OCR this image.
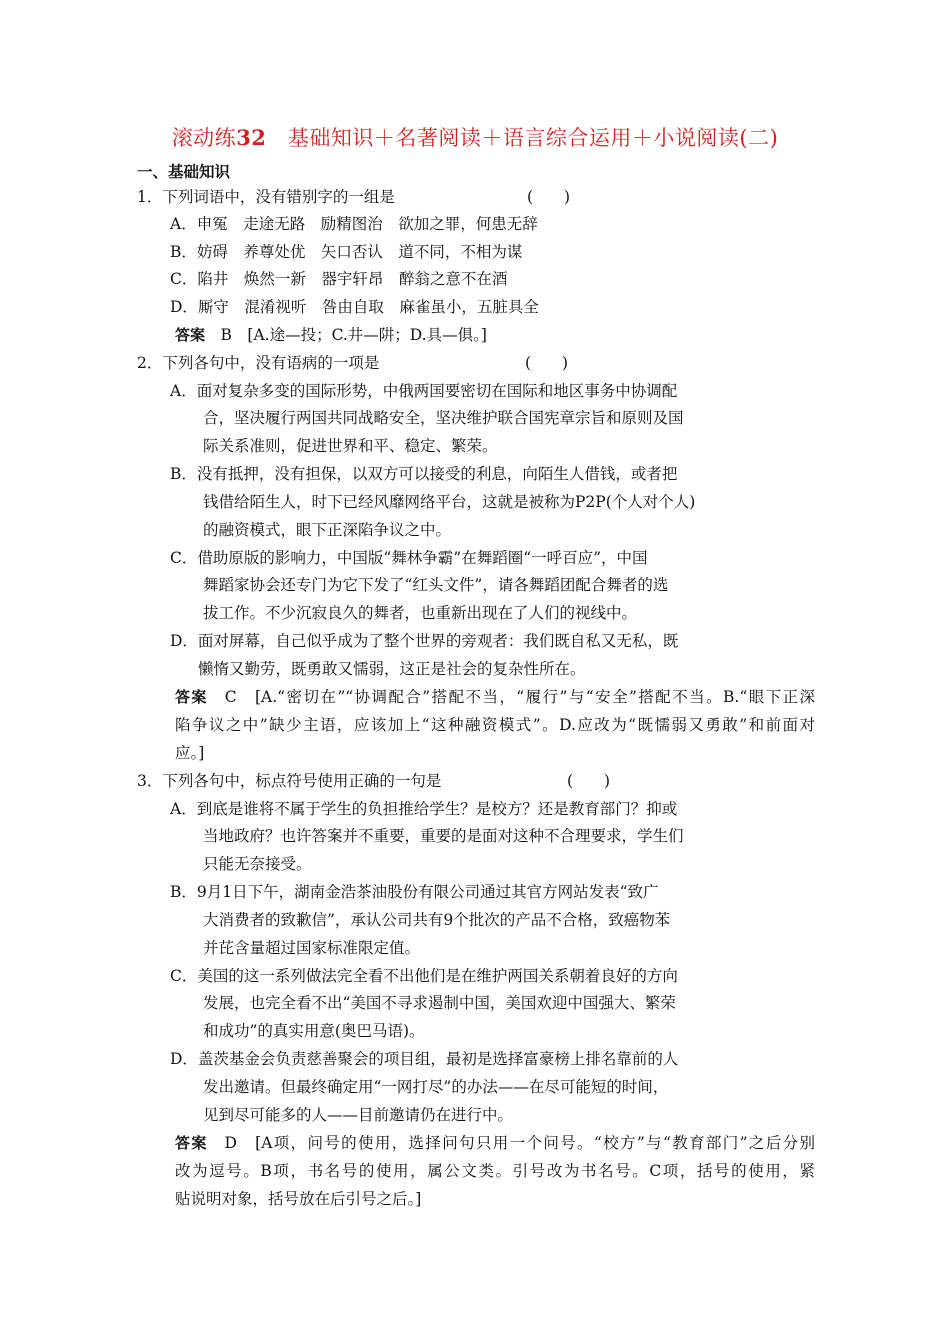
滚动练32　 基础知识＋名著阅读＋语言综合运用＋小说阅读(二)
一、基础知识
1．下列词语中，没有错别字的一组是	(　　)
A．申冤　走途无路　励精图治　欲加之罪，何患无辞
B．妨碍　养尊处优　矢口否认　道不同，不相为谋
C．陷井　焕然一新　器宇轩昂　醉翁之意不在酒
D．厮守　混淆视听　咎由自取　麻雀虽小，五脏具全
答案　B　[A.途—投；C.井—阱；D.具—俱。]
2．下列各句中，没有语病的一项是	(　　)
A．面对复杂多变的国际形势，中俄两国要密切在国际和地区事务中协调配
合，坚决履行两国共同战略安全，坚决维护联合国宪章宗旨和原则及国
际关系准则，促进世界和平、稳定、繁荣。
B．没有抵押，没有担保，以双方可以接受的利息，向陌生人借钱，或者把
钱借给陌生人，时下已经风靡网络平台，这就是被称为P2P(个人对个人)
的融资模式，眼下正深陷争议之中。
C．借助原版的影响力，中国版“舞林争霸”在舞蹈圈“一呼百应”，中国
舞蹈家协会还专门为它下发了“红头文件”，请各舞蹈团配合舞者的选
拔工作。不少沉寂良久的舞者，也重新出现在了人们的视线中。
D．面对屏幕，自己似乎成为了整个世界的旁观者：我们既自私又无私，既
懒惰又勤劳，既勇敢又懦弱，这正是社会的复杂性所在。
答案　C　[A.“密切在”“协调配合”搭配不当，“履行”与“安全”搭配不当。B.“眼下正深
陷争议之中”缺少主语，应该加上“这种融资模式”。D.应改为“既懦弱又勇敢”和前面对
应。]
3．下列各句中，标点符号使用正确的一句是	(　　)
A．到底是谁将不属于学生的负担推给学生？是校方？还是教育部门？抑或
当地政府？也许答案并不重要，重要的是面对这种不合理要求，学生们
只能无奈接受。
B．9月1日下午，湖南金浩茶油股份有限公司通过其官方网站发表“致广
大消费者的致歉信”，承认公司共有9个批次的产品不合格，致癌物苯
并芘含量超过国家标准限定值。
C．美国的这一系列做法完全看不出他们是在维护两国关系朝着良好的方向
发展，也完全看不出“美国不寻求遏制中国，美国欢迎中国强大、繁荣
和成功”的真实用意(奥巴马语)。
D．盖茨基金会负责慈善聚会的项目组，最初是选择富豪榜上排名靠前的人
发出邀请。但最终确定用“一网打尽”的办法——在尽可能短的时间，
见到尽可能多的人——目前邀请仍在进行中。
答案　D　[A项，问号的使用，选择问句只用一个问号。“校方”与“教育部门”之后分别
改为逗号。B项，书名号的使用，属公文类。引号改为书名号。C项，括号的使用，紧
贴说明对象，括号放在后引号之后。]
